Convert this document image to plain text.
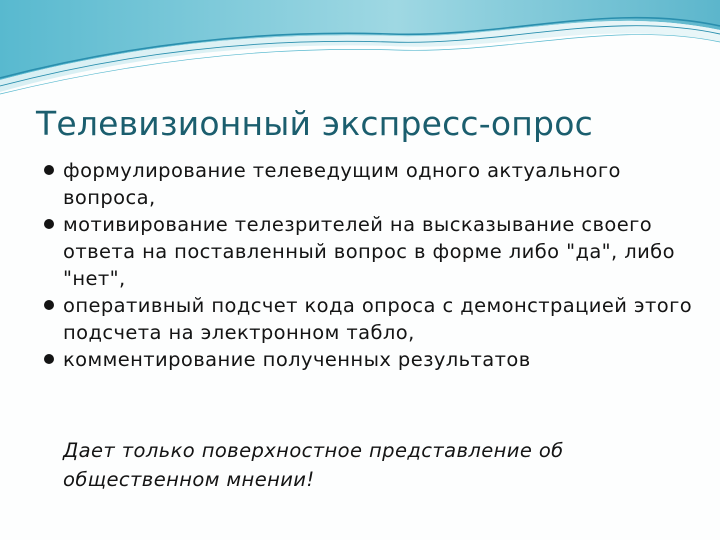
Телевизионный экспресс-опрос
формулирование телеведущим одного актуального вопроса,
мотивирование телезрителей на высказывание своего ответа на поставленный вопрос в форме либо "да", либо "нет",
оперативный подсчет кода опроса с демонстрацией этого подсчета на электронном табло,
комментирование полученных результатов

Дает только поверхностное представление об общественном мнении!
